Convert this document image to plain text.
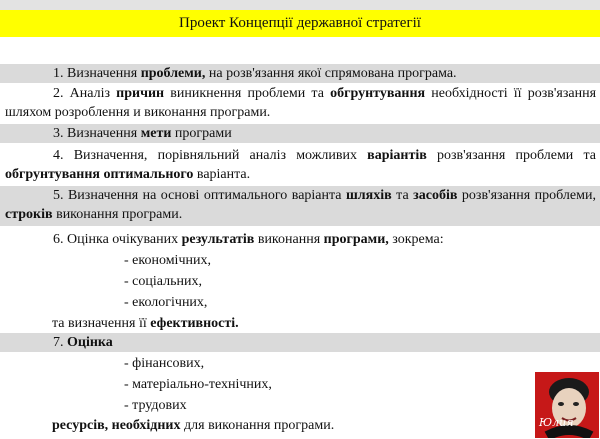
Проект Концепції державної стратегії
1. Визначення проблеми, на розв'язання якої спрямована програма.
2. Аналіз причин виникнення проблеми та обгрунтування необхідності її розв'язання шляхом розроблення и виконання програми.
3. Визначення мети програми
4. Визначення, порівняльний аналіз можливих варіантів розв'язання проблеми та обгрунтування оптимального варіанта.
5. Визначення на основі оптимального варіанта шляхів та засобів розв'язання проблеми, строків виконання програми.
6. Оцінка очікуваних результатів виконання програми, зокрема:
- економічних,
- соціальних,
- екологічних,
та визначення її ефективності.
7. Оцінка
- фінансових,
- матеріально-технічних,
- трудових
ресурсів, необхідних для виконання програми.	Юлия
